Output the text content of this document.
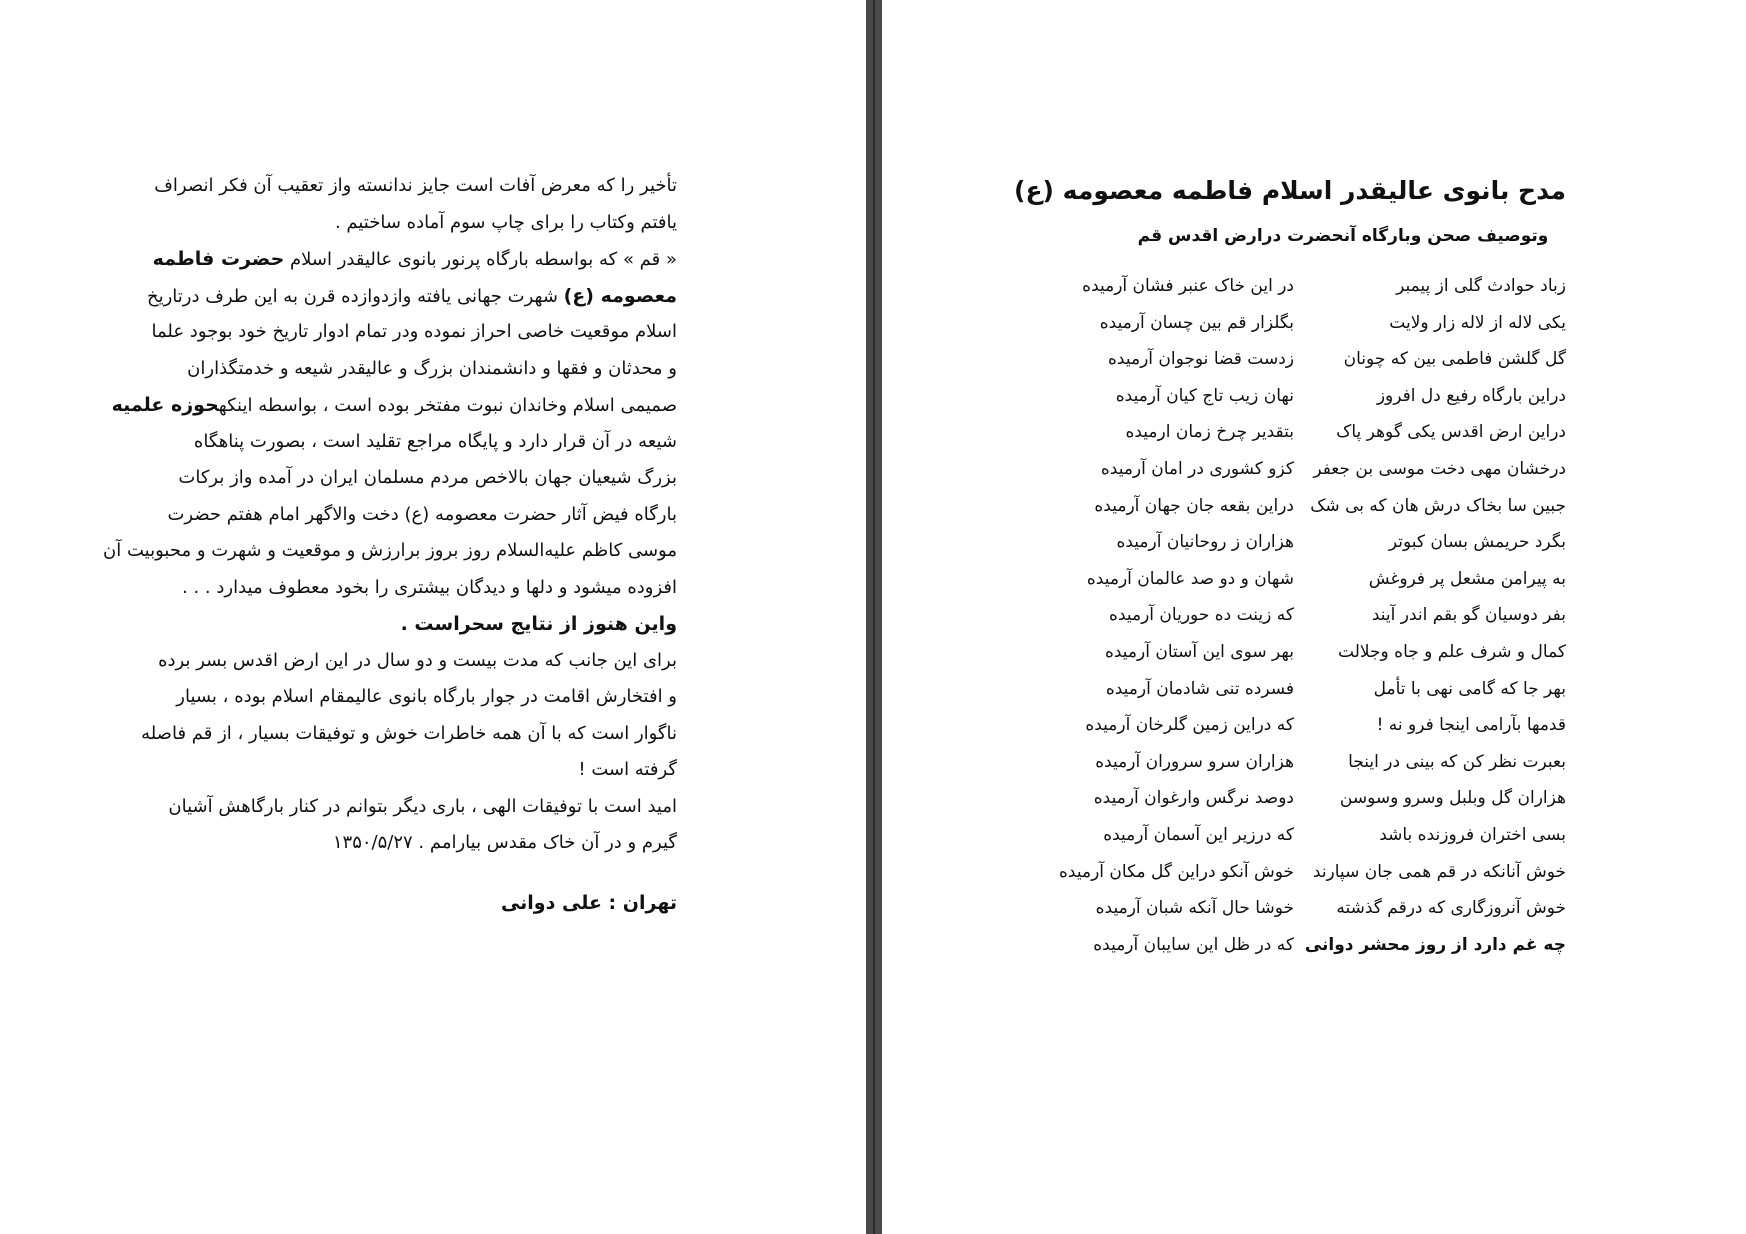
تأخیر را که معرض آفات است جایز ندانسته واز تعقیب آن فکر انصراف
یافتم وکتاب را برای چاپ سوم آماده ساختیم .
« قم » که بواسطه بارگاه پرنور بانوی عالیقدر اسلام حضرت فاطمه
معصومه (ع) شهرت جهانی یافته وازدوازده قرن به این طرف درتاریخ
اسلام موقعیت خاصی احراز نموده ودر تمام ادوار تاریخ خود بوجود علما
و محدثان و فقها و دانشمندان بزرگ و عالیقدر شیعه و خدمتگذاران
صمیمی اسلام وخاندان نبوت مفتخر بوده است ، بواسطه اینکهحوزه علمیه
شیعه در آن قرار دارد و پایگاه مراجع تقلید است ، بصورت پناهگاه
بزرگ شیعیان جهان بالاخص مردم مسلمان ایران در آمده واز برکات
بارگاه فیض آثار حضرت معصومه (ع) دخت والاگهر امام هفتم حضرت
موسی کاظم عليه‌السلام روز بروز برارزش و موقعیت و شهرت و محبوبیت آن
افزوده میشود و دلها و دیدگان بیشتری را بخود معطوف میدارد . . .
واین هنوز از نتایج سحراست .
برای این جانب که مدت بیست و دو سال در این ارض اقدس بسر برده
و افتخارش اقامت در جوار بارگاه بانوی عالیمقام اسلام بوده ، بسیار
ناگوار است که با آن همه خاطرات خوش و توفیقات بسیار ، از قم فاصله
گرفته است !
امید است با توفیقات الهی ، باری دیگر بتوانم در کنار بارگاهش آشیان
گیرم و در آن خاک مقدس بیارامم . ۱۳۵۰/۵/۲۷
تهران : علی دوانی
مدح بانوی عالیقدر اسلام فاطمه معصومه (ع)
وتوصیف صحن وبارگاه آنحضرت درارض اقدس قم
زباد حوادث گلی از پیمبر
یکی لاله از لاله زار ولایت
گل گلشن فاطمی بین که چونان
دراین بارگاه رفیع دل افروز
دراین ارض اقدس یکی گوهر پاک
درخشان مهی دخت موسی بن جعفر
جبین سا بخاک درش هان که بی شک
بگرد حریمش بسان کبوتر
به پیرامن مشعل پر فروغش
بفر دوسیان گو بقم اندر آیند
کمال و شرف علم و جاه وجلالت
بهر جا که گامی نهی با تأمل
قدمها بآرامی اینجا فرو نه !
بعبرت نظر کن که بینی در اینجا
هزاران گل وبلبل وسرو وسوسن
بسی اختران فروزنده باشد
خوش آنانکه در قم همی جان سپارند
خوش آنروزگاری که درقم گذشته
چه غم دارد از روز محشر دوانی
در این خاک عنبر فشان آرمیده
بگلزار قم بین چسان آرمیده
زدست قضا نوجوان آرمیده
نهان زیب تاج کیان آرمیده
بتقدیر چرخ زمان ارمیده
کزو کشوری در امان آرمیده
دراین بقعه جان جهان آرمیده
هزاران ز روحانیان آرمیده
شهان و دو صد عالمان آرمیده
که زینت ده حوریان آرمیده
بهر سوی این آستان آرمیده
فسرده تنی شادمان آرمیده
که دراین زمین گلرخان آرمیده
هزاران سرو سروران آرمیده
دوصد نرگس وارغوان آرمیده
که درزیر این آسمان آرمیده
خوش آنکو دراین گل مکان آرمیده
خوشا حال آنکه شبان آرمیده
که در ظل این سایبان آرمیده
